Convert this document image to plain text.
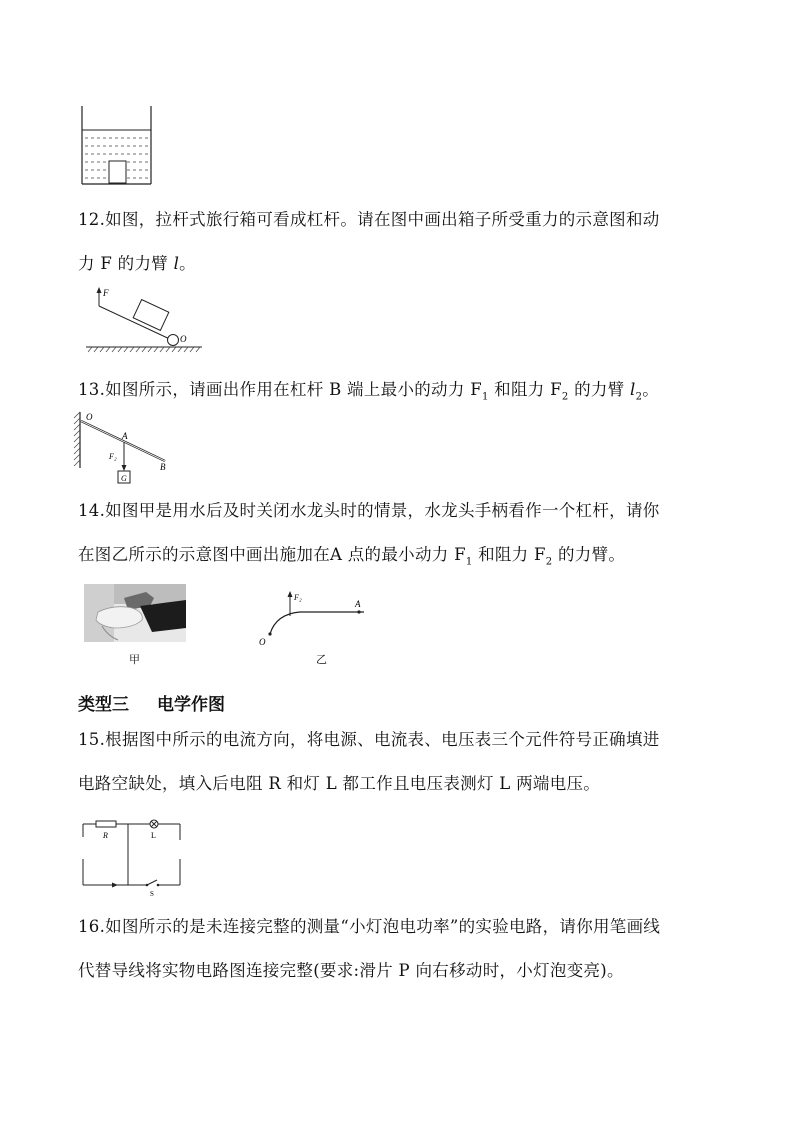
12.如图，拉杆式旅行箱可看成杠杆。请在图中画出箱子所受重力的示意图和动
力 F 的力臂 l。
F
O
13.如图所示，请画出作用在杠杆 B 端上最小的动力 $F_1$ 和阻力 $F_2$ 的力臂 $l_2$。
O
A
B
F₂
G
14.如图甲是用水后及时关闭水龙头时的情景，水龙头手柄看作一个杠杆，请你
在图乙所示的示意图中画出施加在A 点的最小动力 $F_1$ 和阻力 $F_2$ 的力臂。
甲
F₂
A
O
乙
类型三 电学作图
15.根据图中所示的电流方向，将电源、电流表、电压表三个元件符号正确填进
电路空缺处，填入后电阻 R 和灯 L 都工作且电压表测灯 L 两端电压。
R	L
S
16.如图所示的是未连接完整的测量“小灯泡电功率”的实验电路，请你用笔画线
代替导线将实物电路图连接完整(要求:滑片 P 向右移动时，小灯泡变亮)。
